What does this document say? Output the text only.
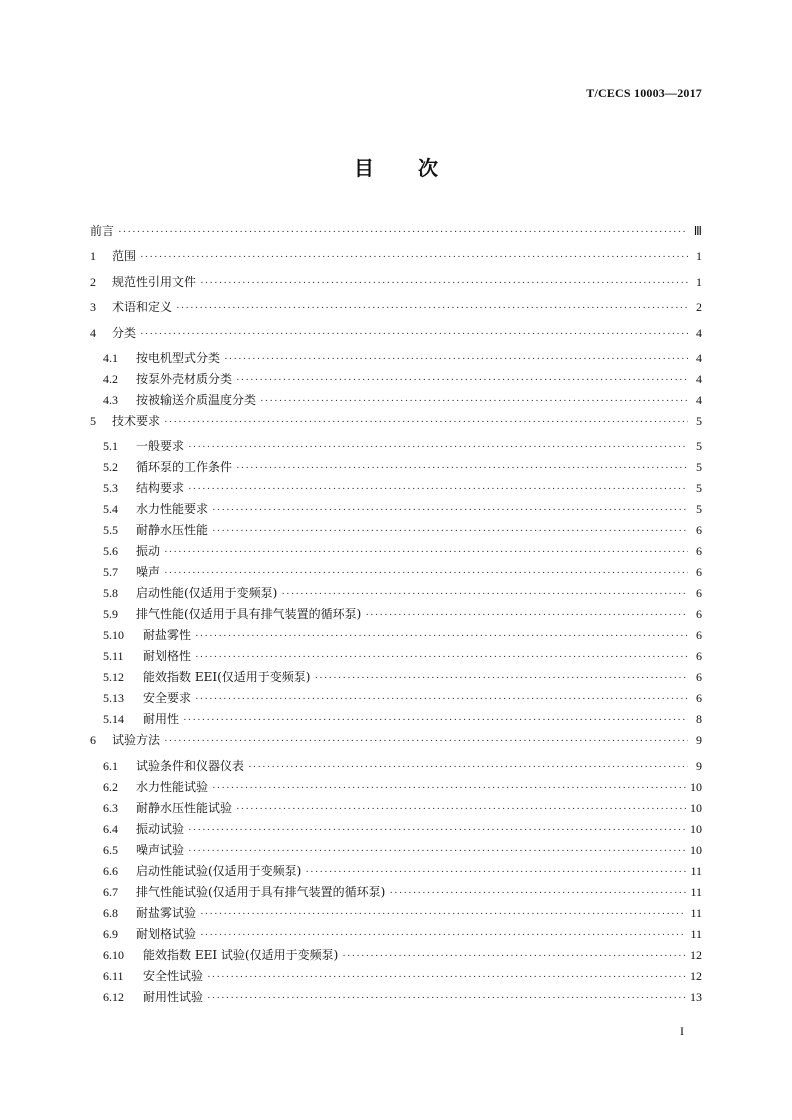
T/CECS 10003—2017
目 次
前言 ·····	Ⅲ
1	范围 ·····	1
2	规范性引用文件 ·····	1
3	术语和定义 ·····	2
4	分类 ·····	4
4.1	按电机型式分类 ·····	4
4.2	按泵外壳材质分类 ·····	4
4.3	按被输送介质温度分类 ·····	4
5	技术要求 ·····	5
5.1	一般要求 ·····	5
5.2	循环泵的工作条件 ·····	5
5.3	结构要求 ·····	5
5.4	水力性能要求 ·····	5
5.5	耐静水压性能 ·····	6
5.6	振动 ·····	6
5.7	噪声 ·····	6
5.8	启动性能(仅适用于变频泵) ·····	6
5.9	排气性能(仅适用于具有排气装置的循环泵) ·····	6
5.10	耐盐雾性 ·····	6
5.11	耐划格性 ·····	6
5.12	能效指数 EEI(仅适用于变频泵) ·····	6
5.13	安全要求 ·····	6
5.14	耐用性 ·····	8
6	试验方法 ·····	9
6.1	试验条件和仪器仪表 ·····	9
6.2	水力性能试验 ·····	10
6.3	耐静水压性能试验 ·····	10
6.4	振动试验 ·····	10
6.5	噪声试验 ·····	10
6.6	启动性能试验(仅适用于变频泵) ·····	11
6.7	排气性能试验(仅适用于具有排气装置的循环泵) ·····	11
6.8	耐盐雾试验 ·····	11
6.9	耐划格试验 ·····	11
6.10	能效指数 EEI 试验(仅适用于变频泵) ·····	12
6.11	安全性试验 ·····	12
6.12	耐用性试验 ·····	13
I
